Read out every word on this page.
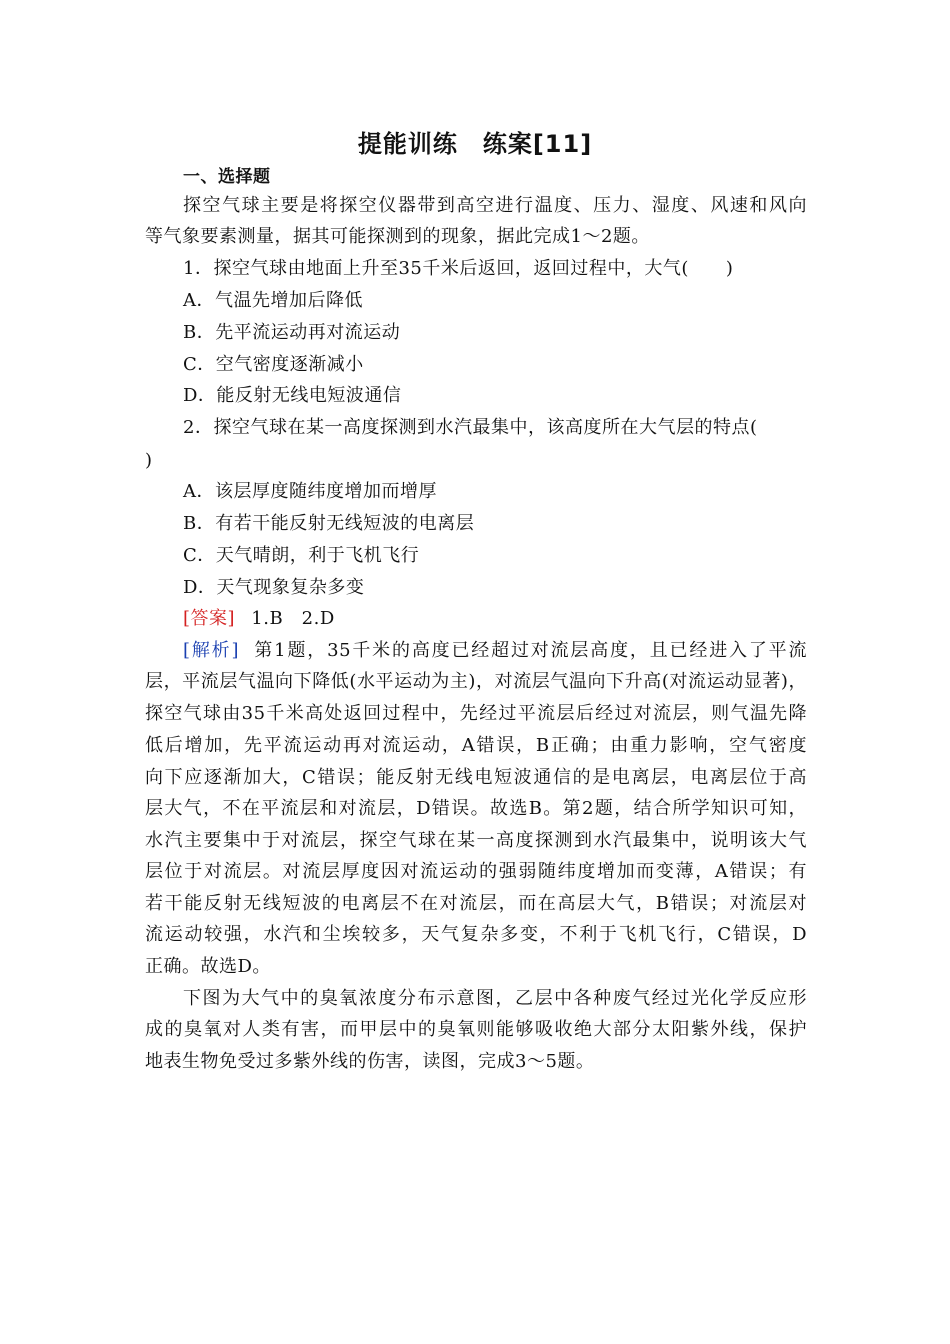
提能训练　练案[11]
一、选择题
探空气球主要是将探空仪器带到高空进行温度、压力、湿度、风速和风向
等气象要素测量，据其可能探测到的现象，据此完成1～2题。
1．探空气球由地面上升至35千米后返回，返回过程中，大气(　　)
A．气温先增加后降低
B．先平流运动再对流运动
C．空气密度逐渐减小
D．能反射无线电短波通信
2．探空气球在某一高度探测到水汽最集中，该高度所在大气层的特点(
)
A．该层厚度随纬度增加而增厚
B．有若干能反射无线短波的电离层
C．天气晴朗，利于飞机飞行
D．天气现象复杂多变
[答案] 1.B　2.D
[解析] 第1题，35千米的高度已经超过对流层高度，且已经进入了平流
层，平流层气温向下降低(水平运动为主)，对流层气温向下升高(对流运动显著)，
探空气球由35千米高处返回过程中，先经过平流层后经过对流层，则气温先降
低后增加，先平流运动再对流运动，A错误，B正确；由重力影响，空气密度
向下应逐渐加大，C错误；能反射无线电短波通信的是电离层，电离层位于高
层大气，不在平流层和对流层，D错误。故选B。第2题，结合所学知识可知，
水汽主要集中于对流层，探空气球在某一高度探测到水汽最集中，说明该大气
层位于对流层。对流层厚度因对流运动的强弱随纬度增加而变薄，A错误；有
若干能反射无线短波的电离层不在对流层，而在高层大气，B错误；对流层对
流运动较强，水汽和尘埃较多，天气复杂多变，不利于飞机飞行，C错误，D
正确。故选D。
下图为大气中的臭氧浓度分布示意图，乙层中各种废气经过光化学反应形
成的臭氧对人类有害，而甲层中的臭氧则能够吸收绝大部分太阳紫外线，保护
地表生物免受过多紫外线的伤害，读图，完成3～5题。
